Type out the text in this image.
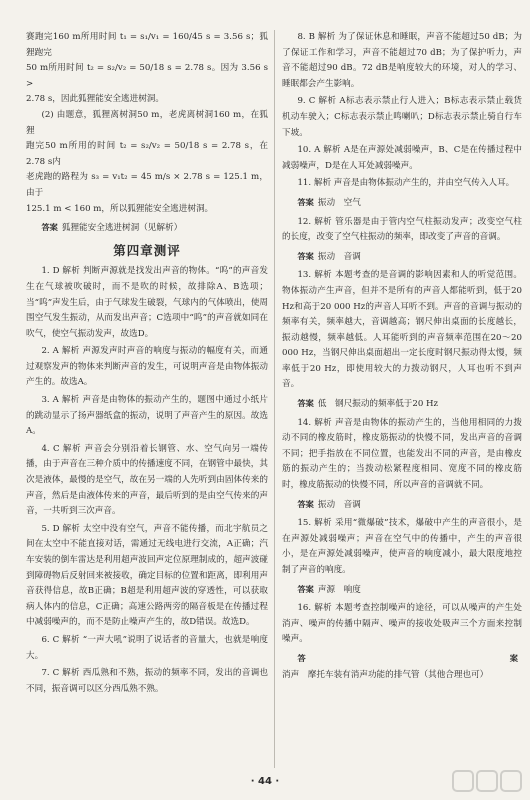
赛跑完160 m所用时间 t₁ = s₁/v₁ = 160/45 s = 3.56 s；狐狸跑完

50 m所用时间 t₂ = s₂/v₂ = 50/18 s = 2.78 s。因为 3.56 s >

2.78 s，因此狐狸能安全逃进树洞。

(2) 由题意，狐狸离树洞50 m，老虎离树洞160 m，在狐狸

跑完50 m所用的时间 t₂ = s₂/v₂ = 50/18 s = 2.78 s，在2.78 s内

老虎跑的路程为 s₃ = v₁t₂ = 45 m/s × 2.78 s = 125.1 m，由于

125.1 m < 160 m，所以狐狸能安全逃进树洞。

答案 狐狸能安全逃进树洞（见解析）

第四章测评

1. D 解析 判断声源就是找发出声音的物体。“呜”的声音发生在气球被吹破时，而不是吹的时候，故排除A、B选项；当“呜”声发生后，由于气球发生破裂，气球内的气体喷出，使周围空气发生振动，从而发出声音；C选项中“呜”的声音就如同在吹气，使空气振动发声，故选D。

2. A 解析 声源发声时声音的响度与振动的幅度有关，而通过观察发声的物体来判断声音的发生，可说明声音是由物体振动产生的。故选A。

3. A 解析 声音是由物体的振动产生的，题图中通过小纸片的跳动显示了扬声器纸盒的振动，说明了声音产生的原因。故选A。

4. C 解析 声音会分别沿着长钢管、水、空气向另一端传播，由于声音在三种介质中的传播速度不同，在钢管中最快，其次是液体，最慢的是空气，故在另一端的人先听到由固体传来的声音，然后是由液体传来的声音，最后听到的是由空气传来的声音，一共听到三次声音。

5. D 解析 太空中没有空气，声音不能传播，而北宇航员之间在太空中不能直接对话，需通过无线电进行交流，A正确；汽车安装的倒车雷达是利用超声波回声定位原理制成的，超声波碰到障碍物后反射回来被接收，确定目标的位置和距离，即利用声音获得信息，故B正确；B超是利用超声波的穿透性，可以获取病人体内的信息，C正确；高速公路两旁的隔音板是在传播过程中减弱噪声的，而不是防止噪声产生的，故D错误。故选D。

6. C 解析 “一声大吼”说明了说话者的音量大，也就是响度大。

7. C 解析 西瓜熟和不熟，振动的频率不同，发出的音调也不同，振音调可以区分西瓜熟不熟。

8. B 解析 为了保证休息和睡眠，声音不能超过50 dB；为了保证工作和学习，声音不能超过70 dB；为了保护听力，声音不能超过90 dB。72 dB是响度较大的环境，对人的学习、睡眠都会产生影响。

9. C 解析 A标志表示禁止行人进入；B标志表示禁止载货机动车驶入；C标志表示禁止鸣喇叭；D标志表示禁止骑自行车下坡。

10. A 解析 A是在声源处减弱噪声，B、C是在传播过程中减弱噪声，D是在人耳处减弱噪声。

11. 解析 声音是由物体振动产生的，并由空气传入人耳。

答案 振动　空气

12. 解析 管乐器是由于管内空气柱振动发声；改变空气柱的长度，改变了空气柱振动的频率，即改变了声音的音调。

答案 振动　音调

13. 解析 本题考查的是音调的影响因素和人的听觉范围。物体振动产生声音，但并不是所有的声音人都能听到，低于20 Hz和高于20 000 Hz的声音人耳听不到。声音的音调与振动的频率有关，频率越大，音调越高；钢尺伸出桌面的长度越长，振动越慢，频率越低。人耳能听到的声音频率范围在20～20 000 Hz，当钢尺伸出桌面超出一定长度时钢尺振动得太慢，频率低于20 Hz，即使用较大的力拨动钢尺，人耳也听不到声音。

答案 低　钢尺振动的频率低于20 Hz

14. 解析 声音是由物体的振动产生的，当他用相同的力拨动不同的橡皮筋时，橡皮筋振动的快慢不同，发出声音的音调不同；把手指放在不同位置，也能发出不同的声音，是由橡皮筋的振动产生的；当拨动松紧程度相同、宽度不同的橡皮筋时，橡皮筋振动的快慢不同，所以声音的音调就不同。

答案 振动　音调

15. 解析 采用“微爆破”技术，爆破中产生的声音很小，是在声源处减弱噪声；声音在空气中的传播中，产生的声音很小，是在声源处减弱噪声，使声音的响度减小，最大限度地控制了声音的响度。

答案 声源　响度

16. 解析 本题考查控制噪声的途径，可以从噪声的产生处消声、噪声的传播中隔声、噪声的接收处吸声三个方面来控制噪声。

答案消声　摩托车装有消声功能的排气管（其他合理也可）

· 44 ·
